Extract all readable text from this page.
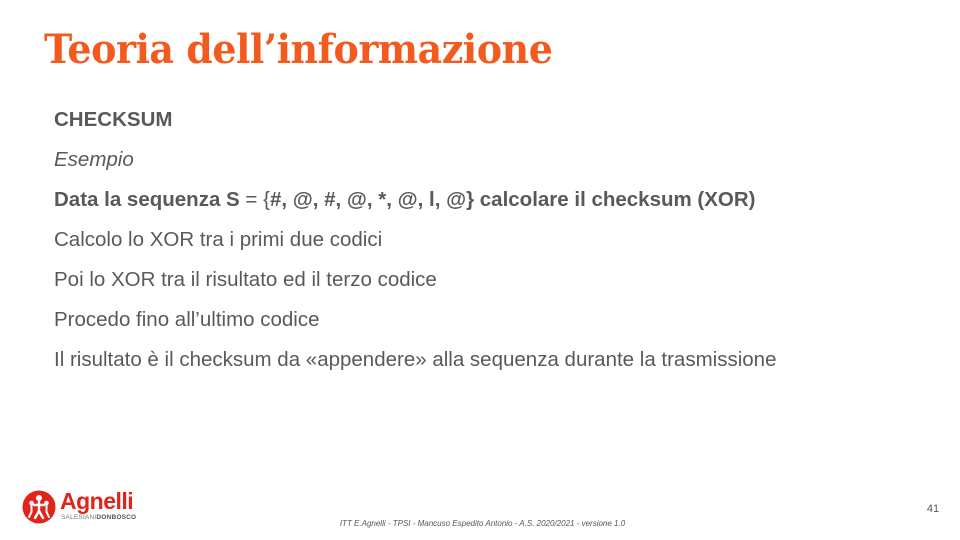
Teoria dell’informazione
CHECKSUM
Esempio
Data la sequenza S = {#, @, #, @, *, @, l, @} calcolare il checksum (XOR)
Calcolo lo XOR tra i primi due codici
Poi lo XOR tra il risultato ed il terzo codice
Procedo fino all’ultimo codice
Il risultato è il checksum da «appendere» alla sequenza durante la trasmissione
Agnelli
SALESIANIDONBOSCO
ITT E.Agnelli - TPSI - Mancuso Espedito Antonio - A.S. 2020/2021 - versione 1.0
41
